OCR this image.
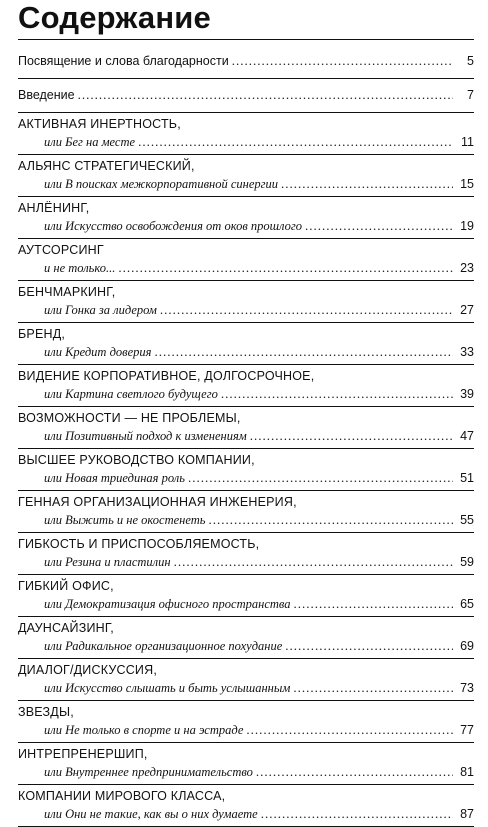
Содержание
Посвящение и слова благодарности .....	5
Введение .....	7
АКТИВНАЯ ИНЕРТНОСТЬ,
или Бег на месте .....	11
АЛЬЯНС СТРАТЕГИЧЕСКИЙ,
или В поисках межкорпоративной синергии .....	15
АНЛЁНИНГ,
или Искусство освобождения от оков прошлого .....	19
АУТСОРСИНГ
и не только... .....	23
БЕНЧМАРКИНГ,
или Гонка за лидером .....	27
БРЕНД,
или Кредит доверия .....	33
ВИДЕНИЕ КОРПОРАТИВНОЕ, ДОЛГОСРОЧНОЕ,
или Картина светлого будущего .....	39
ВОЗМОЖНОСТИ — НЕ ПРОБЛЕМЫ,
или Позитивный подход к изменениям .....	47
ВЫСШЕЕ РУКОВОДСТВО КОМПАНИИ,
или Новая триединая роль .....	51
ГЕННАЯ ОРГАНИЗАЦИОННАЯ ИНЖЕНЕРИЯ,
или Выжить и не окостенеть .....	55
ГИБКОСТЬ И ПРИСПОСОБЛЯЕМОСТЬ,
или Резина и пластилин .....	59
ГИБКИЙ ОФИС,
или Демократизация офисного пространства .....	65
ДАУНСАЙЗИНГ,
или Радикальное организационное похудание .....	69
ДИАЛОГ/ДИСКУССИЯ,
или Искусство слышать и быть услышанным .....	73
ЗВЕЗДЫ,
или Не только в спорте и на эстраде .....	77
ИНТРЕПРЕНЕРШИП,
или Внутреннее предпринимательство .....	81
КОМПАНИИ МИРОВОГО КЛАССА,
или Они не такие, как вы о них думаете .....	87
